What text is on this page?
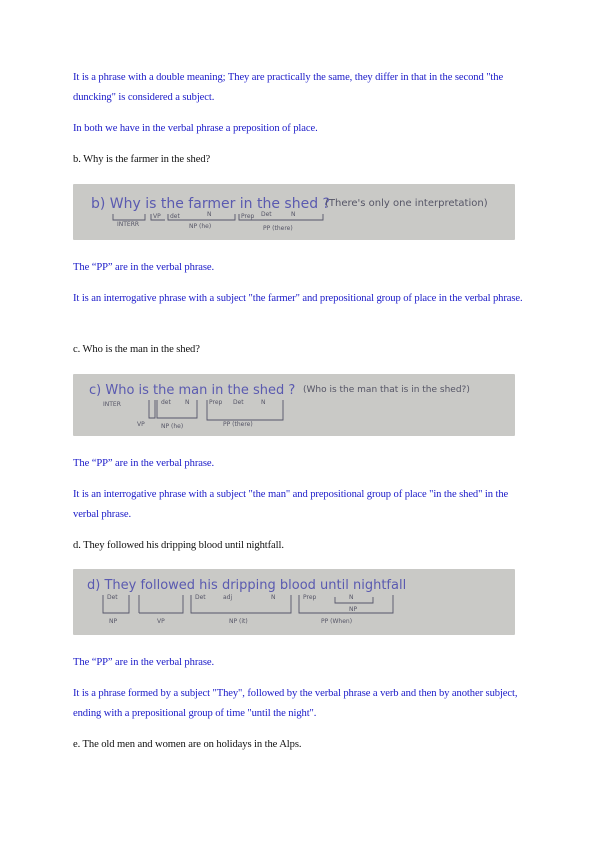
It is a phrase with a double meaning; They are practically the same, they differ in that in the second "the duncking" is considered a subject.

In both we have in the verbal phrase a preposition of place.

b. Why is the farmer in the shed?

b) Why is the farmer in the shed ?
(There's only one interpretation)
INTERR
VP det	N
NP (he)
Prep Det	N
PP (there)

The “PP” are in the verbal phrase.

It is an interrogative phrase with a subject "the farmer" and prepositional group of place in the verbal phrase.

c. Who is the man in the shed?

c) Who is the man in the shed ? (Who is the man that is in the shed?)
INTER
VP
det N
NP (he)
Prep Det	N
PP (there)

The “PP” are in the verbal phrase.

It is an interrogative phrase with a subject "the man" and prepositional group of place "in the shed" in the verbal phrase.

d. They followed his dripping blood until nightfall.

d) They followed his dripping blood until nightfall
Det
NP	VP
Det	adj	N
NP (it)
Prep	N
NP
PP (When)

The “PP” are in the verbal phrase.

It is a phrase formed by a subject "They", followed by the verbal phrase a verb and then by another subject, ending with a prepositional group of time "until the night".

e. The old men and women are on holidays in the Alps.
